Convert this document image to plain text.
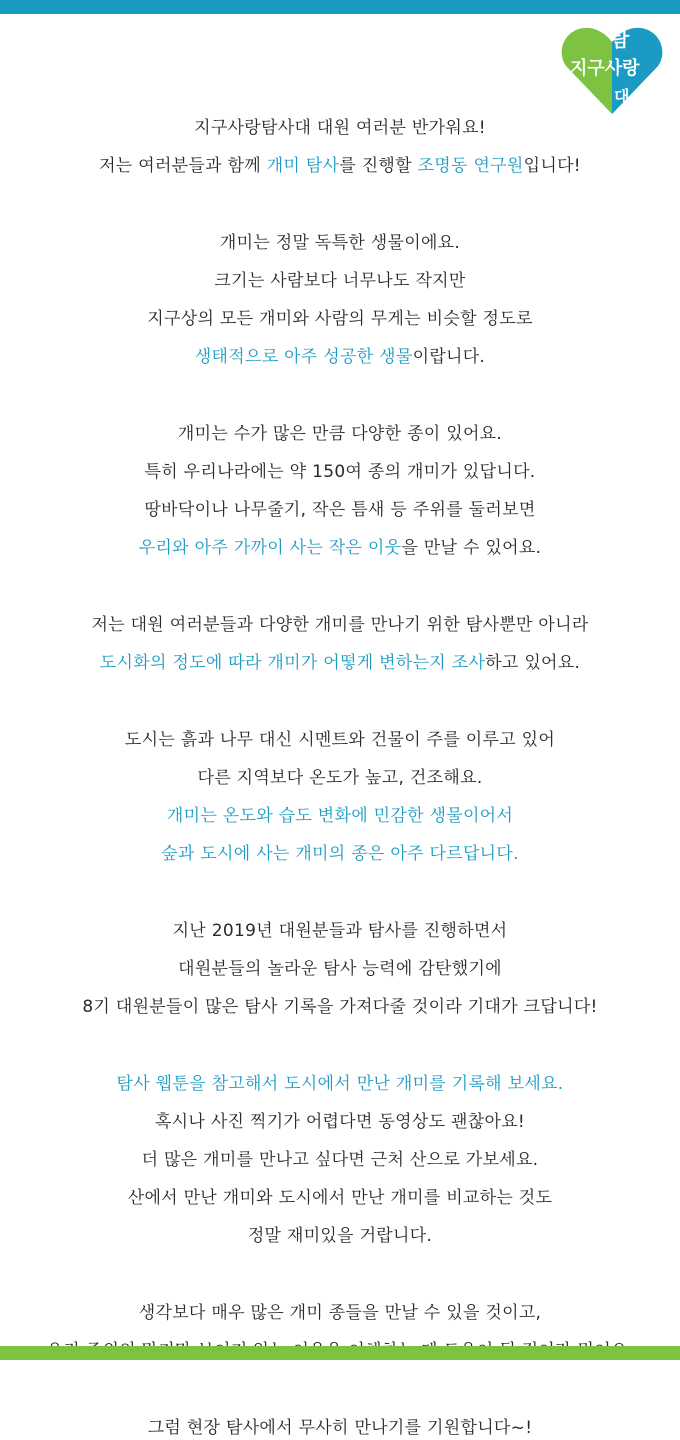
탐
지구사랑
대
지구사랑탐사대 대원 여러분 반가워요!
저는 여러분들과 함께 개미 탐사를 진행할 조명동 연구원입니다!
개미는 정말 독특한 생물이에요.
크기는 사람보다 너무나도 작지만
지구상의 모든 개미와 사람의 무게는 비슷할 정도로
생태적으로 아주 성공한 생물이랍니다.
개미는 수가 많은 만큼 다양한 종이 있어요.
특히 우리나라에는 약 150여 종의 개미가 있답니다.
땅바닥이나 나무줄기, 작은 틈새 등 주위를 둘러보면
우리와 아주 가까이 사는 작은 이웃을 만날 수 있어요.
저는 대원 여러분들과 다양한 개미를 만나기 위한 탐사뿐만 아니라
도시화의 정도에 따라 개미가 어떻게 변하는지 조사하고 있어요.
도시는 흙과 나무 대신 시멘트와 건물이 주를 이루고 있어
다른 지역보다 온도가 높고, 건조해요.
개미는 온도와 습도 변화에 민감한 생물이어서
숲과 도시에 사는 개미의 종은 아주 다르답니다.
지난 2019년 대원분들과 탐사를 진행하면서
대원분들의 놀라운 탐사 능력에 감탄했기에
8기 대원분들이 많은 탐사 기록을 가져다줄 것이라 기대가 크답니다!
탐사 웹툰을 참고해서 도시에서 만난 개미를 기록해 보세요.
혹시나 사진 찍기가 어렵다면 동영상도 괜찮아요!
더 많은 개미를 만나고 싶다면 근처 산으로 가보세요.
산에서 만난 개미와 도시에서 만난 개미를 비교하는 것도
정말 재미있을 거랍니다.
생각보다 매우 많은 개미 종들을 만날 수 있을 것이고,
그럼 현장 탐사에서 무사히 만나기를 기원합니다~!
